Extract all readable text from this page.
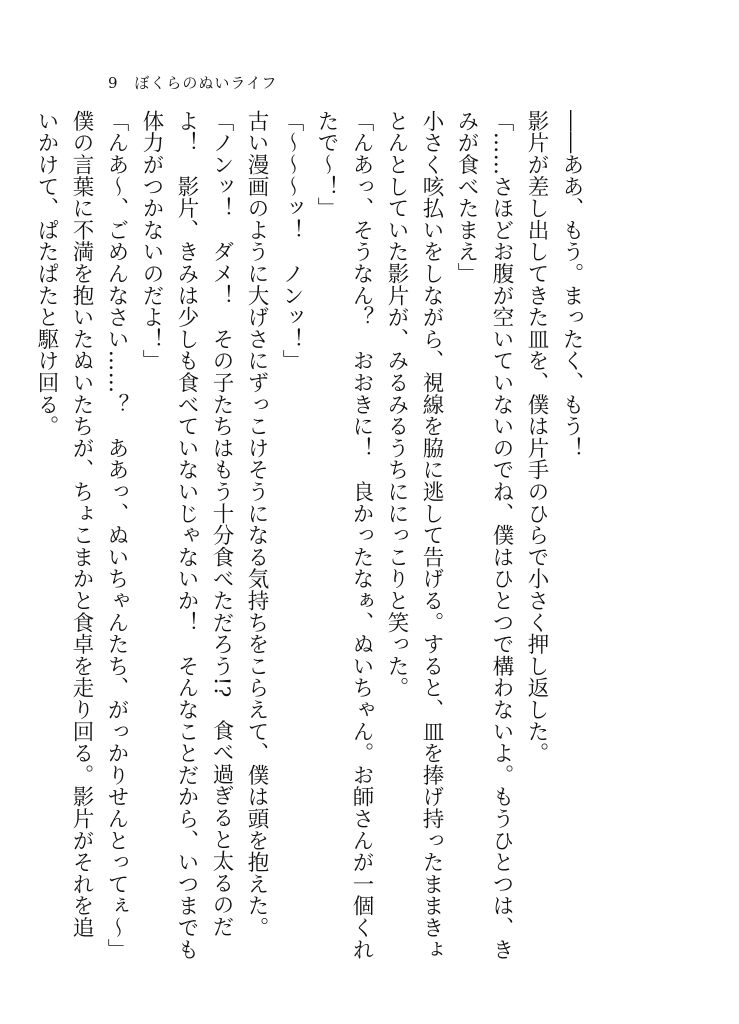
9 ぼくらのぬいライフ

――ああ、もう。まったく、もう！

影片が差し出してきた皿を、僕は片手のひらで小さく押し返した。

「……さほどお腹が空いていないのでね、僕はひとつで構わないよ。もうひとつは、き

みが食べたまえ」

小さく咳払いをしながら、視線を脇に逃して告げる。すると、皿を捧げ持ったままきょ

とんとしていた影片が、みるみるうちににっこりと笑った。

「んあっ、そうなん？　おおきに！　良かったなぁ、ぬいちゃん。お師さんが一個くれ

たで～！」

「～～～ッ！　ノンッ！」

古い漫画のように大げさにずっこけそうになる気持ちをこらえて、僕は頭を抱えた。

「ノンッ！　ダメ！　その子たちはもう十分食べただろう!?　食べ過ぎると太るのだ

よ！　影片、きみは少しも食べていないじゃないか！　そんなことだから、いつまでも

体力がつかないのだよ！」

「んあ～、ごめんなさい……？　ああっ、ぬいちゃんたち、がっかりせんとってぇ～」

僕の言葉に不満を抱いたぬいたちが、ちょこまかと食卓を走り回る。影片がそれを追

いかけて、ぱたぱたと駆け回る。
